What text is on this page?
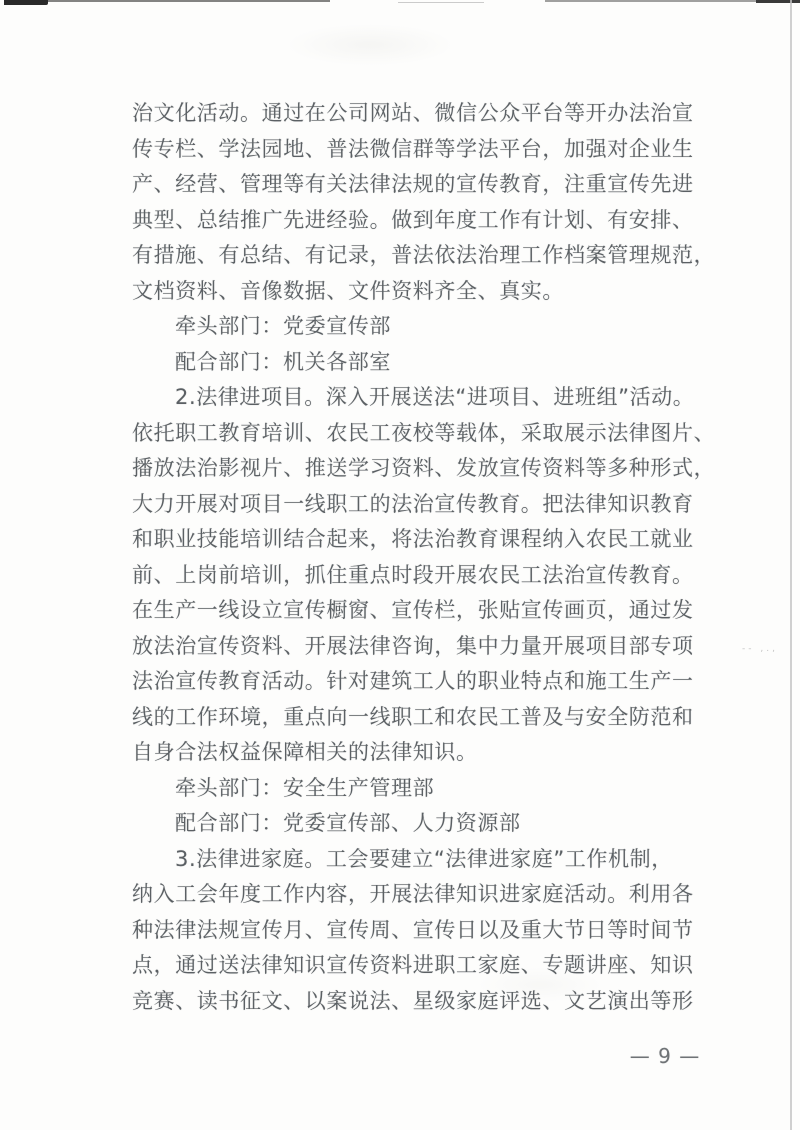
-- ,.,
治文化活动。通过在公司网站、微信公众平台等开办法治宣
传专栏、学法园地、普法微信群等学法平台，加强对企业生
产、经营、管理等有关法律法规的宣传教育，注重宣传先进
典型、总结推广先进经验。做到年度工作有计划、有安排、
有措施、有总结、有记录，普法依法治理工作档案管理规范，
文档资料、音像数据、文件资料齐全、真实。
牵头部门：党委宣传部
配合部门：机关各部室
2.法律进项目。深入开展送法“进项目、进班组”活动。
依托职工教育培训、农民工夜校等载体，采取展示法律图片、
播放法治影视片、推送学习资料、发放宣传资料等多种形式，
大力开展对项目一线职工的法治宣传教育。把法律知识教育
和职业技能培训结合起来，将法治教育课程纳入农民工就业
前、上岗前培训，抓住重点时段开展农民工法治宣传教育。
在生产一线设立宣传橱窗、宣传栏，张贴宣传画页，通过发
放法治宣传资料、开展法律咨询，集中力量开展项目部专项
法治宣传教育活动。针对建筑工人的职业特点和施工生产一
线的工作环境，重点向一线职工和农民工普及与安全防范和
自身合法权益保障相关的法律知识。
牵头部门：安全生产管理部
配合部门：党委宣传部、人力资源部
3.法律进家庭。工会要建立“法律进家庭”工作机制，
纳入工会年度工作内容，开展法律知识进家庭活动。利用各
种法律法规宣传月、宣传周、宣传日以及重大节日等时间节
点，通过送法律知识宣传资料进职工家庭、专题讲座、知识
竞赛、读书征文、以案说法、星级家庭评选、文艺演出等形
— 9 —
